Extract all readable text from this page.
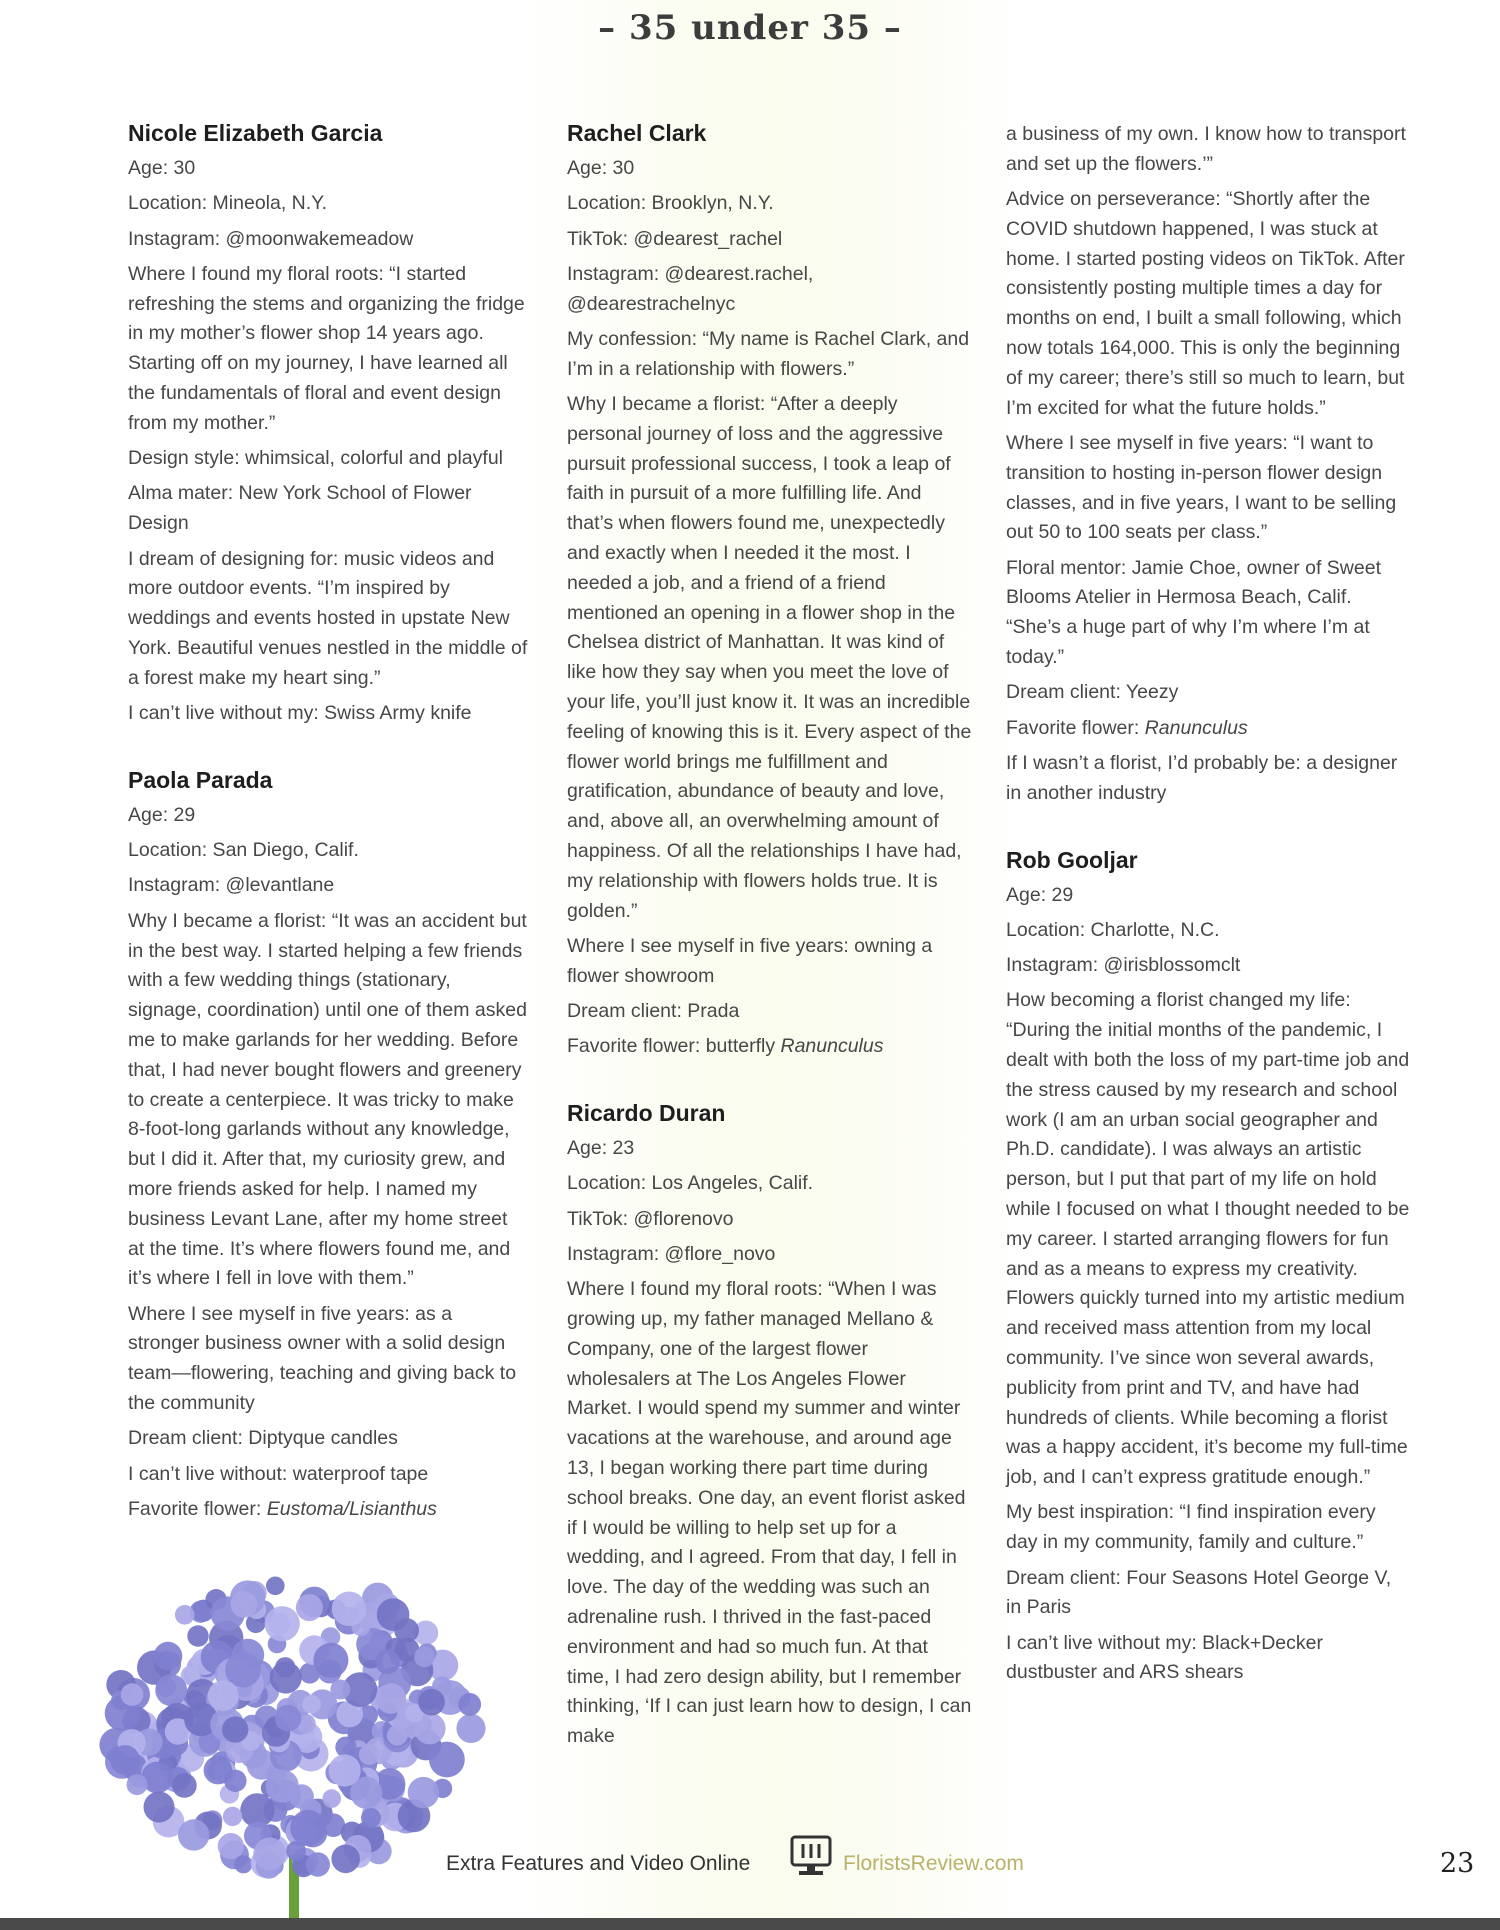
– 35 under 35 –
Nicole Elizabeth Garcia
Age: 30
Location: Mineola, N.Y.
Instagram: @moonwakemeadow
Where I found my floral roots: “I started refreshing the stems and organizing the fridge in my mother’s flower shop 14 years ago. Starting off on my journey, I have learned all the fundamentals of floral and event design from my mother.”
Design style: whimsical, colorful and playful
Alma mater: New York School of Flower Design
I dream of designing for: music videos and more outdoor events. “I’m inspired by weddings and events hosted in upstate New York. Beautiful venues nestled in the middle of a forest make my heart sing.”
I can’t live without my: Swiss Army knife
Paola Parada
Age: 29
Location: San Diego, Calif.
Instagram: @levantlane
Why I became a florist: “It was an accident but in the best way. I started helping a few friends with a few wedding things (stationary, signage, coordination) until one of them asked me to make garlands for her wedding. Before that, I had never bought flowers and greenery to create a centerpiece. It was tricky to make 8-foot-long garlands without any knowledge, but I did it. After that, my curiosity grew, and more friends asked for help. I named my business Levant Lane, after my home street at the time. It’s where flowers found me, and it’s where I fell in love with them.”
Where I see myself in five years: as a stronger business owner with a solid design team—flowering, teaching and giving back to the community
Dream client: Diptyque candles
I can’t live without: waterproof tape
Favorite flower: Eustoma/Lisianthus
Rachel Clark
Age: 30
Location: Brooklyn, N.Y.
TikTok: @dearest_rachel
Instagram: @dearest.rachel, @dearestrachelnyc
My confession: “My name is Rachel Clark, and I’m in a relationship with flowers.”
Why I became a florist: “After a deeply personal journey of loss and the aggressive pursuit professional success, I took a leap of faith in pursuit of a more fulfilling life. And that’s when flowers found me, unexpectedly and exactly when I needed it the most. I needed a job, and a friend of a friend mentioned an opening in a flower shop in the Chelsea district of Manhattan. It was kind of like how they say when you meet the love of your life, you’ll just know it. It was an incredible feeling of knowing this is it. Every aspect of the flower world brings me fulfillment and gratification, abundance of beauty and love, and, above all, an overwhelming amount of happiness. Of all the relationships I have had, my relationship with flowers holds true. It is golden.”
Where I see myself in five years: owning a flower showroom
Dream client: Prada
Favorite flower: butterfly Ranunculus
Ricardo Duran
Age: 23
Location: Los Angeles, Calif.
TikTok: @florenovo
Instagram: @flore_novo
Where I found my floral roots: “When I was growing up, my father managed Mellano & Company, one of the largest flower wholesalers at The Los Angeles Flower Market. I would spend my summer and winter vacations at the warehouse, and around age 13, I began working there part time during school breaks. One day, an event florist asked if I would be willing to help set up for a wedding, and I agreed. From that day, I fell in love. The day of the wedding was such an adrenaline rush. I thrived in the fast-paced environment and had so much fun. At that time, I had zero design ability, but I remember thinking, ‘If I can just learn how to design, I can make
a business of my own. I know how to transport and set up the flowers.’”
Advice on perseverance: “Shortly after the COVID shutdown happened, I was stuck at home. I started posting videos on TikTok. After consistently posting multiple times a day for months on end, I built a small following, which now totals 164,000. This is only the beginning of my career; there’s still so much to learn, but I’m excited for what the future holds.”
Where I see myself in five years: “I want to transition to hosting in-person flower design classes, and in five years, I want to be selling out 50 to 100 seats per class.”
Floral mentor: Jamie Choe, owner of Sweet Blooms Atelier in Hermosa Beach, Calif. “She’s a huge part of why I’m where I’m at today.”
Dream client: Yeezy
Favorite flower: Ranunculus
If I wasn’t a florist, I’d probably be: a designer in another industry
Rob Gooljar
Age: 29
Location: Charlotte, N.C.
Instagram: @irisblossomclt
How becoming a florist changed my life: “During the initial months of the pandemic, I dealt with both the loss of my part-time job and the stress caused by my research and school work (I am an urban social geographer and Ph.D. candidate). I was always an artistic person, but I put that part of my life on hold while I focused on what I thought needed to be my career. I started arranging flowers for fun and as a means to express my creativity. Flowers quickly turned into my artistic medium and received mass attention from my local community. I’ve since won several awards, publicity from print and TV, and have had hundreds of clients. While becoming a florist was a happy accident, it’s become my full-time job, and I can’t express gratitude enough.”
My best inspiration: “I find inspiration every day in my community, family and culture.”
Dream client: Four Seasons Hotel George V, in Paris
I can’t live without my: Black+Decker dustbuster and ARS shears
Extra Features and Video Online	FloristsReview.com	23
